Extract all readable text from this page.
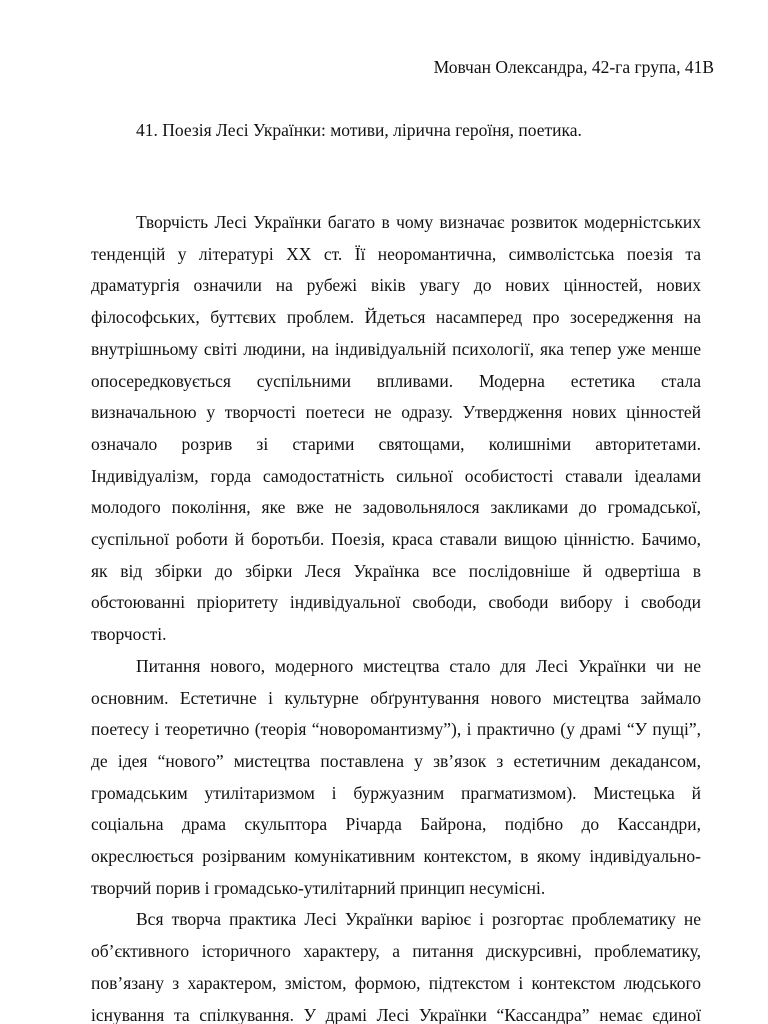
Мовчан Олександра, 42-га група, 41В
41. Поезія Лесі Українки: мотиви, лірична героїня, поетика.
Творчість Лесі Українки багато в чому визначає розвиток модерністських
тенденцій у літературі XX ст. Її неоромантична, символістська поезія та
драматургія означили на рубежі віків увагу до нових цінностей, нових
філософських, буттєвих проблем. Йдеться насамперед про зосередження на
внутрішньому світі людини, на індивідуальній психології, яка тепер уже менше
опосередковується суспільними впливами. Модерна естетика стала
визначальною у творчості поетеси не одразу. Утвердження нових цінностей
означало розрив зі старими святощами, колишніми авторитетами.
Індивідуалізм, горда самодостатність сильної особистості ставали ідеалами
молодого покоління, яке вже не задовольнялося закликами до громадської,
суспільної роботи й боротьби. Поезія, краса ставали вищою цінністю. Бачимо,
як від збірки до збірки Леся Українка все послідовніше й одвертіша в
обстоюванні пріоритету індивідуальної свободи, свободи вибору і свободи
творчості.
Питання нового, модерного мистецтва стало для Лесі Українки чи не
основним. Естетичне і культурне обґрунтування нового мистецтва займало
поетесу і теоретично (теорія “новоромантизму”), і практично (у драмі “У пущі”,
де ідея “нового” мистецтва поставлена у зв’язок з естетичним декадансом,
громадським утилітаризмом і буржуазним прагматизмом). Мистецька й
соціальна драма скульптора Річарда Байрона, подібно до Кассандри,
окреслюється розірваним комунікативним контекстом, в якому індивідуально-
творчий порив і громадсько-утилітарний принцип несумісні.
Вся творча практика Лесі Українки варіює і розгортає проблематику не
об’єктивного історичного характеру, а питання дискурсивні, проблематику,
пов’язану з характером, змістом, формою, підтекстом і контекстом людського
існування та спілкування. У драмі Лесі Українки “Кассандра” немає єдиної
